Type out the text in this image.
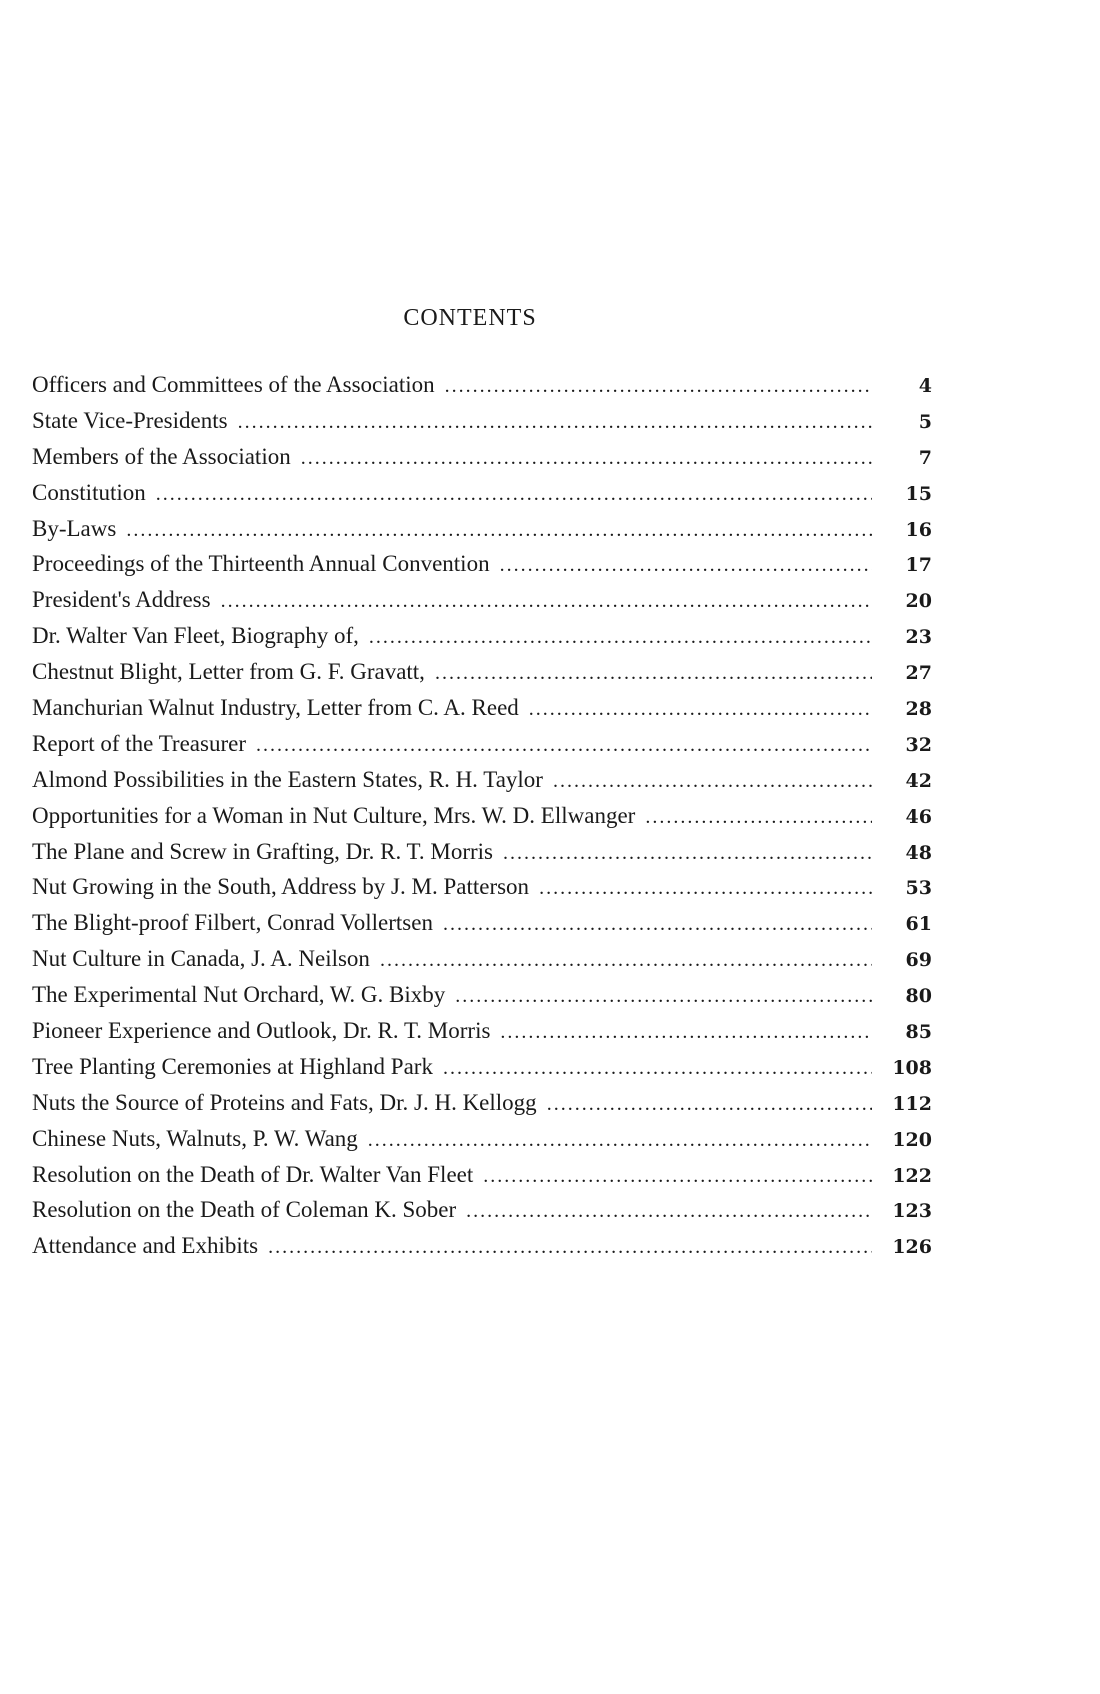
CONTENTS
Officers and Committees of the Association .....	4
State Vice-Presidents .....	5
Members of the Association .....	7
Constitution .....	15
By-Laws .....	16
Proceedings of the Thirteenth Annual Convention .....	17
President's Address .....	20
Dr. Walter Van Fleet, Biography of, .....	23
Chestnut Blight, Letter from G. F. Gravatt, .....	27
Manchurian Walnut Industry, Letter from C. A. Reed .....	28
Report of the Treasurer .....	32
Almond Possibilities in the Eastern States, R. H. Taylor .....	42
Opportunities for a Woman in Nut Culture, Mrs. W. D. Ellwanger .....	46
The Plane and Screw in Grafting, Dr. R. T. Morris .....	48
Nut Growing in the South, Address by J. M. Patterson .....	53
The Blight-proof Filbert, Conrad Vollertsen .....	61
Nut Culture in Canada, J. A. Neilson .....	69
The Experimental Nut Orchard, W. G. Bixby .....	80
Pioneer Experience and Outlook, Dr. R. T. Morris .....	85
Tree Planting Ceremonies at Highland Park .....	108
Nuts the Source of Proteins and Fats, Dr. J. H. Kellogg .....	112
Chinese Nuts, Walnuts, P. W. Wang .....	120
Resolution on the Death of Dr. Walter Van Fleet .....	122
Resolution on the Death of Coleman K. Sober .....	123
Attendance and Exhibits .....	126
